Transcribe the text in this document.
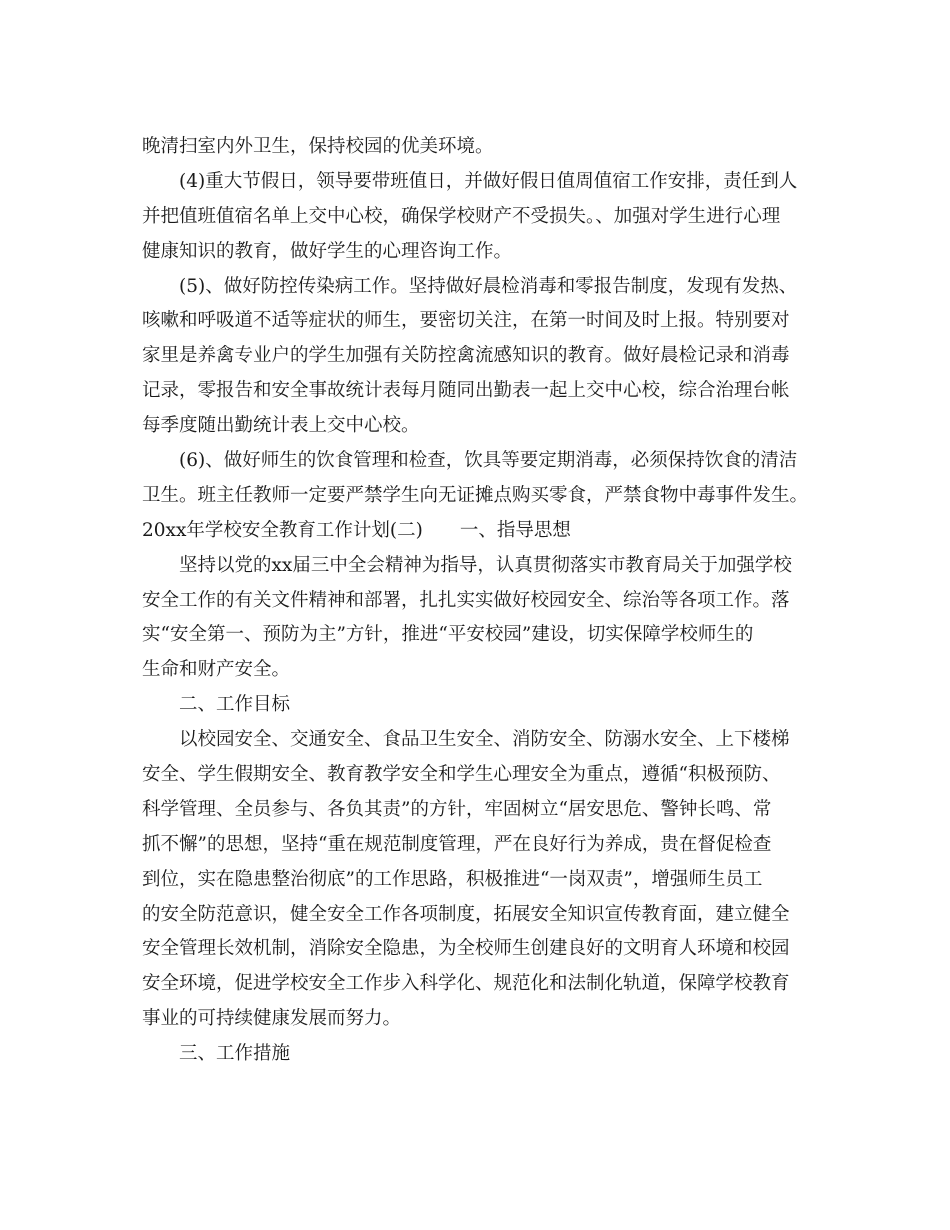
晚清扫室内外卫生，保持校园的优美环境。
(4)重大节假日，领导要带班值日，并做好假日值周值宿工作安排，责任到人
并把值班值宿名单上交中心校，确保学校财产不受损失。、加强对学生进行心理
健康知识的教育，做好学生的心理咨询工作。
(5)、做好防控传染病工作。坚持做好晨检消毒和零报告制度，发现有发热、
咳嗽和呼吸道不适等症状的师生，要密切关注，在第一时间及时上报。特别要对
家里是养禽专业户的学生加强有关防控禽流感知识的教育。做好晨检记录和消毒
记录，零报告和安全事故统计表每月随同出勤表一起上交中心校，综合治理台帐
每季度随出勤统计表上交中心校。
(6)、做好师生的饮食管理和检查，饮具等要定期消毒，必须保持饮食的清洁
卫生。班主任教师一定要严禁学生向无证摊点购买零食，严禁食物中毒事件发生。
20xx年学校安全教育工作计划(二)　　一、指导思想
坚持以党的xx届三中全会精神为指导，认真贯彻落实市教育局关于加强学校
安全工作的有关文件精神和部署，扎扎实实做好校园安全、综治等各项工作。落
实“安全第一、预防为主”方针，推进“平安校园”建设，切实保障学校师生的
生命和财产安全。
二、工作目标
以校园安全、交通安全、食品卫生安全、消防安全、防溺水安全、上下楼梯
安全、学生假期安全、教育教学安全和学生心理安全为重点，遵循“积极预防、
科学管理、全员参与、各负其责”的方针，牢固树立“居安思危、警钟长鸣、常
抓不懈”的思想，坚持“重在规范制度管理，严在良好行为养成，贵在督促检查
到位，实在隐患整治彻底”的工作思路，积极推进“一岗双责”，增强师生员工
的安全防范意识，健全安全工作各项制度，拓展安全知识宣传教育面，建立健全
安全管理长效机制，消除安全隐患，为全校师生创建良好的文明育人环境和校园
安全环境，促进学校安全工作步入科学化、规范化和法制化轨道，保障学校教育
事业的可持续健康发展而努力。
三、工作措施
